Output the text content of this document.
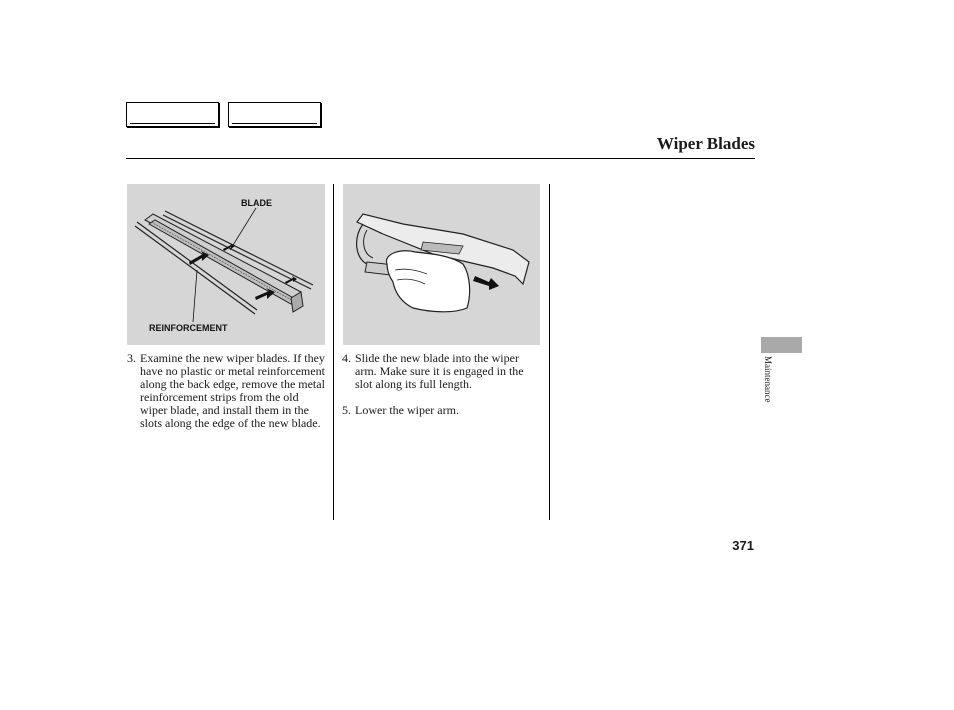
Wiper Blades
BLADE
REINFORCEMENT
3. Examine the new wiper blades. If they have no plastic or metal reinforcement along the back edge, remove the metal reinforcement strips from the old wiper blade, and install them in the slots along the edge of the new blade.
4. Slide the new blade into the wiper arm. Make sure it is engaged in the slot along its full length.
5. Lower the wiper arm.
Maintenance
371
